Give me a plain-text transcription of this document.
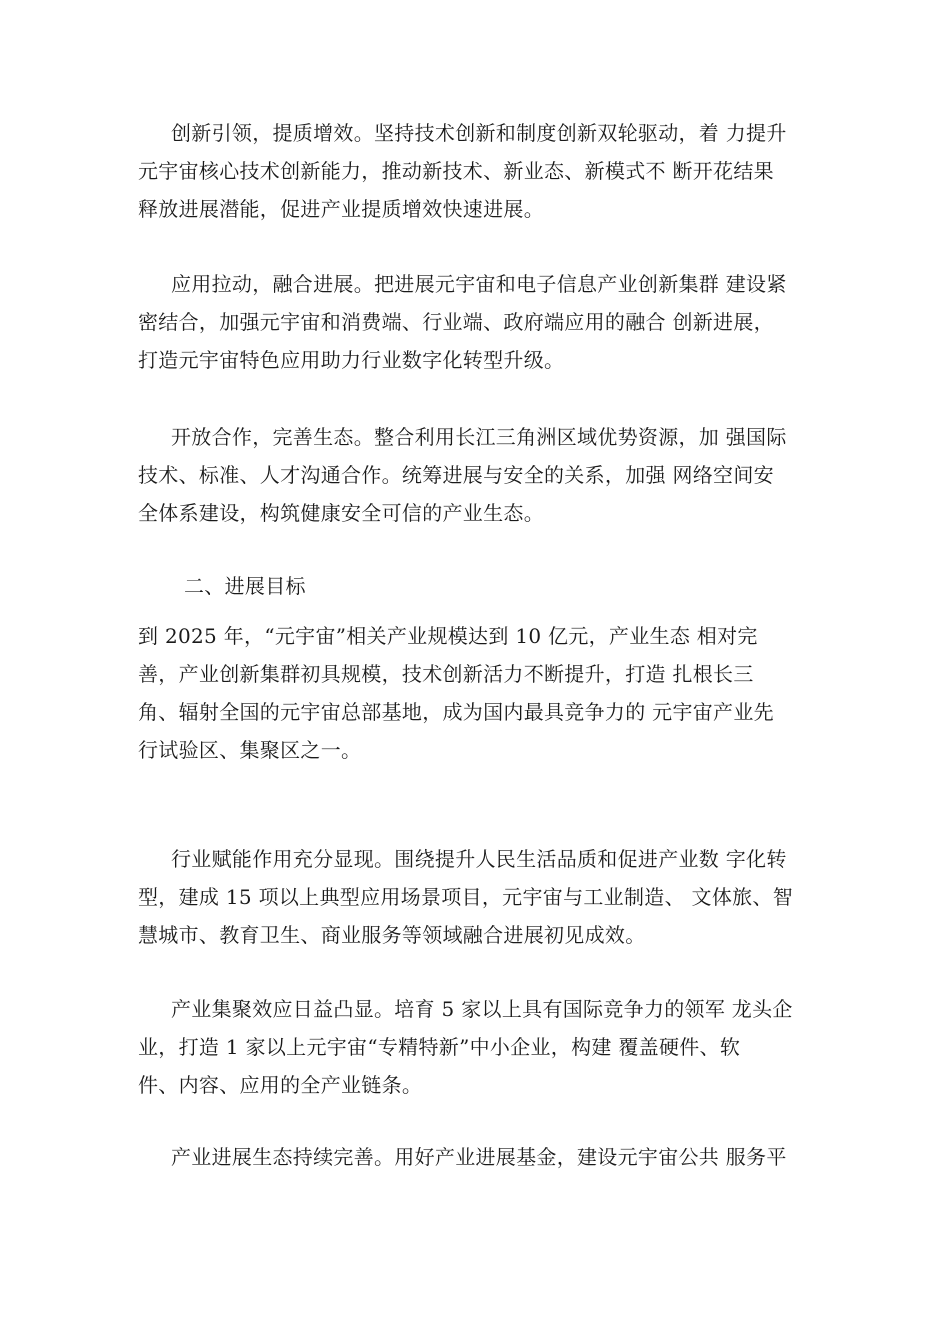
创新引领，提质增效。坚持技术创新和制度创新双轮驱动，着 力提升
元宇宙核心技术创新能力，推动新技术、新业态、新模式不 断开花结果
释放进展潜能，促进产业提质增效快速进展。
应用拉动，融合进展。把进展元宇宙和电子信息产业创新集群 建设紧
密结合，加强元宇宙和消费端、行业端、政府端应用的融合 创新进展，
打造元宇宙特色应用助力行业数字化转型升级。
开放合作，完善生态。整合利用长江三角洲区域优势资源，加 强国际
技术、标准、人才沟通合作。统筹进展与安全的关系，加强 网络空间安
全体系建设，构筑健康安全可信的产业生态。
二、进展目标
到 2025 年，“元宇宙”相关产业规模达到 10 亿元，产业生态 相对完
善，产业创新集群初具规模，技术创新活力不断提升，打造 扎根长三
角、辐射全国的元宇宙总部基地，成为国内最具竞争力的 元宇宙产业先
行试验区、集聚区之一。
行业赋能作用充分显现。围绕提升人民生活品质和促进产业数 字化转
型，建成 15 项以上典型应用场景项目，元宇宙与工业制造、 文体旅、智
慧城市、教育卫生、商业服务等领域融合进展初见成效。
产业集聚效应日益凸显。培育 5 家以上具有国际竞争力的领军 龙头企
业，打造 1 家以上元宇宙“专精特新”中小企业，构建 覆盖硬件、软
件、内容、应用的全产业链条。
产业进展生态持续完善。用好产业进展基金，建设元宇宙公共 服务平
